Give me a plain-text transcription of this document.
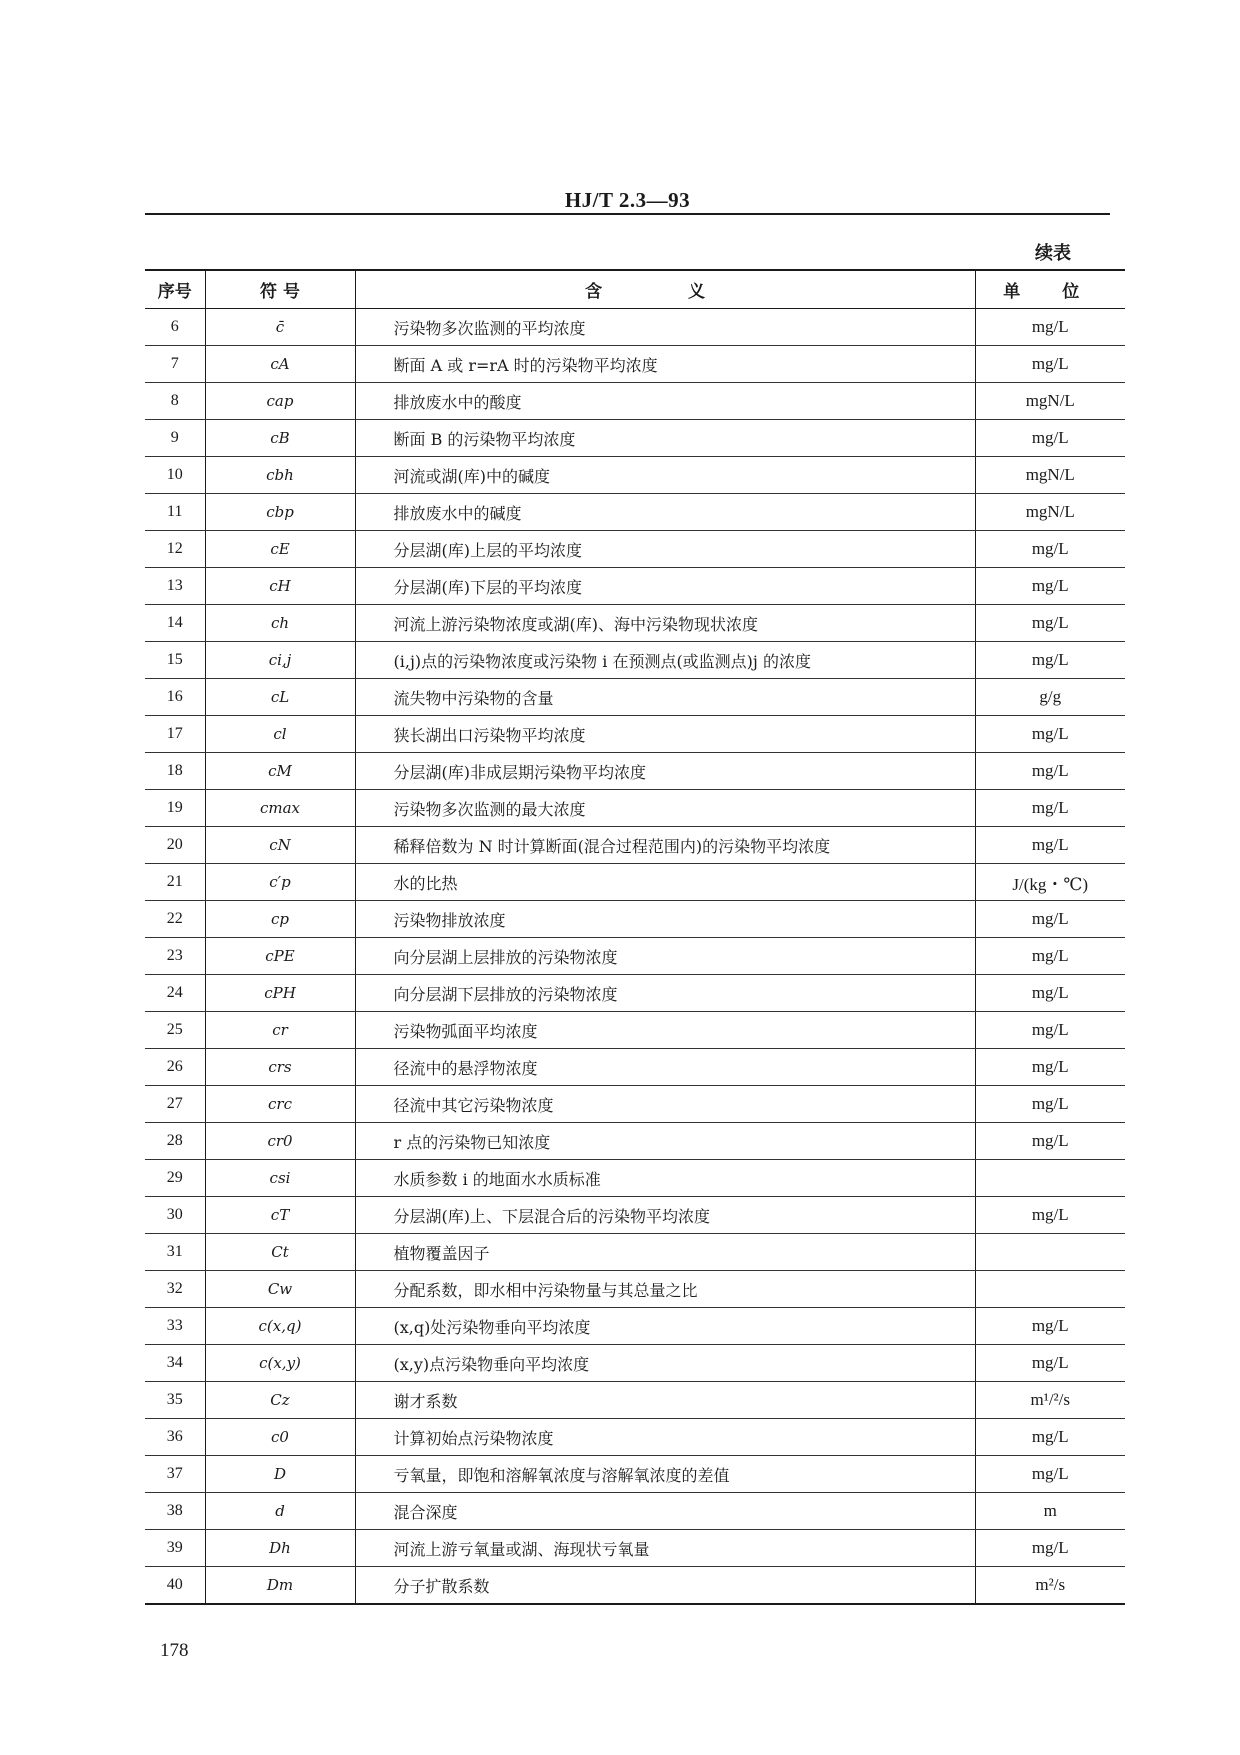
HJ/T 2.3—93
续表
序号	符 号	含 义	单 位
6	c̄	污染物多次监测的平均浓度	mg/L
7	cA	断面 A 或 r=rA 时的污染物平均浓度	mg/L
8	cap	排放废水中的酸度	mgN/L
9	cB	断面 B 的污染物平均浓度	mg/L
10	cbh	河流或湖(库)中的碱度	mgN/L
11	cbp	排放废水中的碱度	mgN/L
12	cE	分层湖(库)上层的平均浓度	mg/L
13	cH	分层湖(库)下层的平均浓度	mg/L
14	ch	河流上游污染物浓度或湖(库)、海中污染物现状浓度	mg/L
15	ci,j	(i,j)点的污染物浓度或污染物 i 在预测点(或监测点)j 的浓度	mg/L
16	cL	流失物中污染物的含量	g/g
17	cl	狭长湖出口污染物平均浓度	mg/L
18	cM	分层湖(库)非成层期污染物平均浓度	mg/L
19	cmax	污染物多次监测的最大浓度	mg/L
20	cN	稀释倍数为 N 时计算断面(混合过程范围内)的污染物平均浓度	mg/L
21	c′p	水的比热	J/(kg・℃)
22	cp	污染物排放浓度	mg/L
23	cPE	向分层湖上层排放的污染物浓度	mg/L
24	cPH	向分层湖下层排放的污染物浓度	mg/L
25	cr	污染物弧面平均浓度	mg/L
26	crs	径流中的悬浮物浓度	mg/L
27	crc	径流中其它污染物浓度	mg/L
28	cr0	r 点的污染物已知浓度	mg/L
29	csi	水质参数 i 的地面水水质标准	
30	cT	分层湖(库)上、下层混合后的污染物平均浓度	mg/L
31	Ct	植物覆盖因子	
32	Cw	分配系数，即水相中污染物量与其总量之比	
33	c(x,q)	(x,q)处污染物垂向平均浓度	mg/L
34	c(x,y)	(x,y)点污染物垂向平均浓度	mg/L
35	Cz	谢才系数	m¹/²/s
36	c0	计算初始点污染物浓度	mg/L
37	D	亏氧量，即饱和溶解氧浓度与溶解氧浓度的差值	mg/L
38	d	混合深度	m
39	Dh	河流上游亏氧量或湖、海现状亏氧量	mg/L
40	Dm	分子扩散系数	m²/s
178
